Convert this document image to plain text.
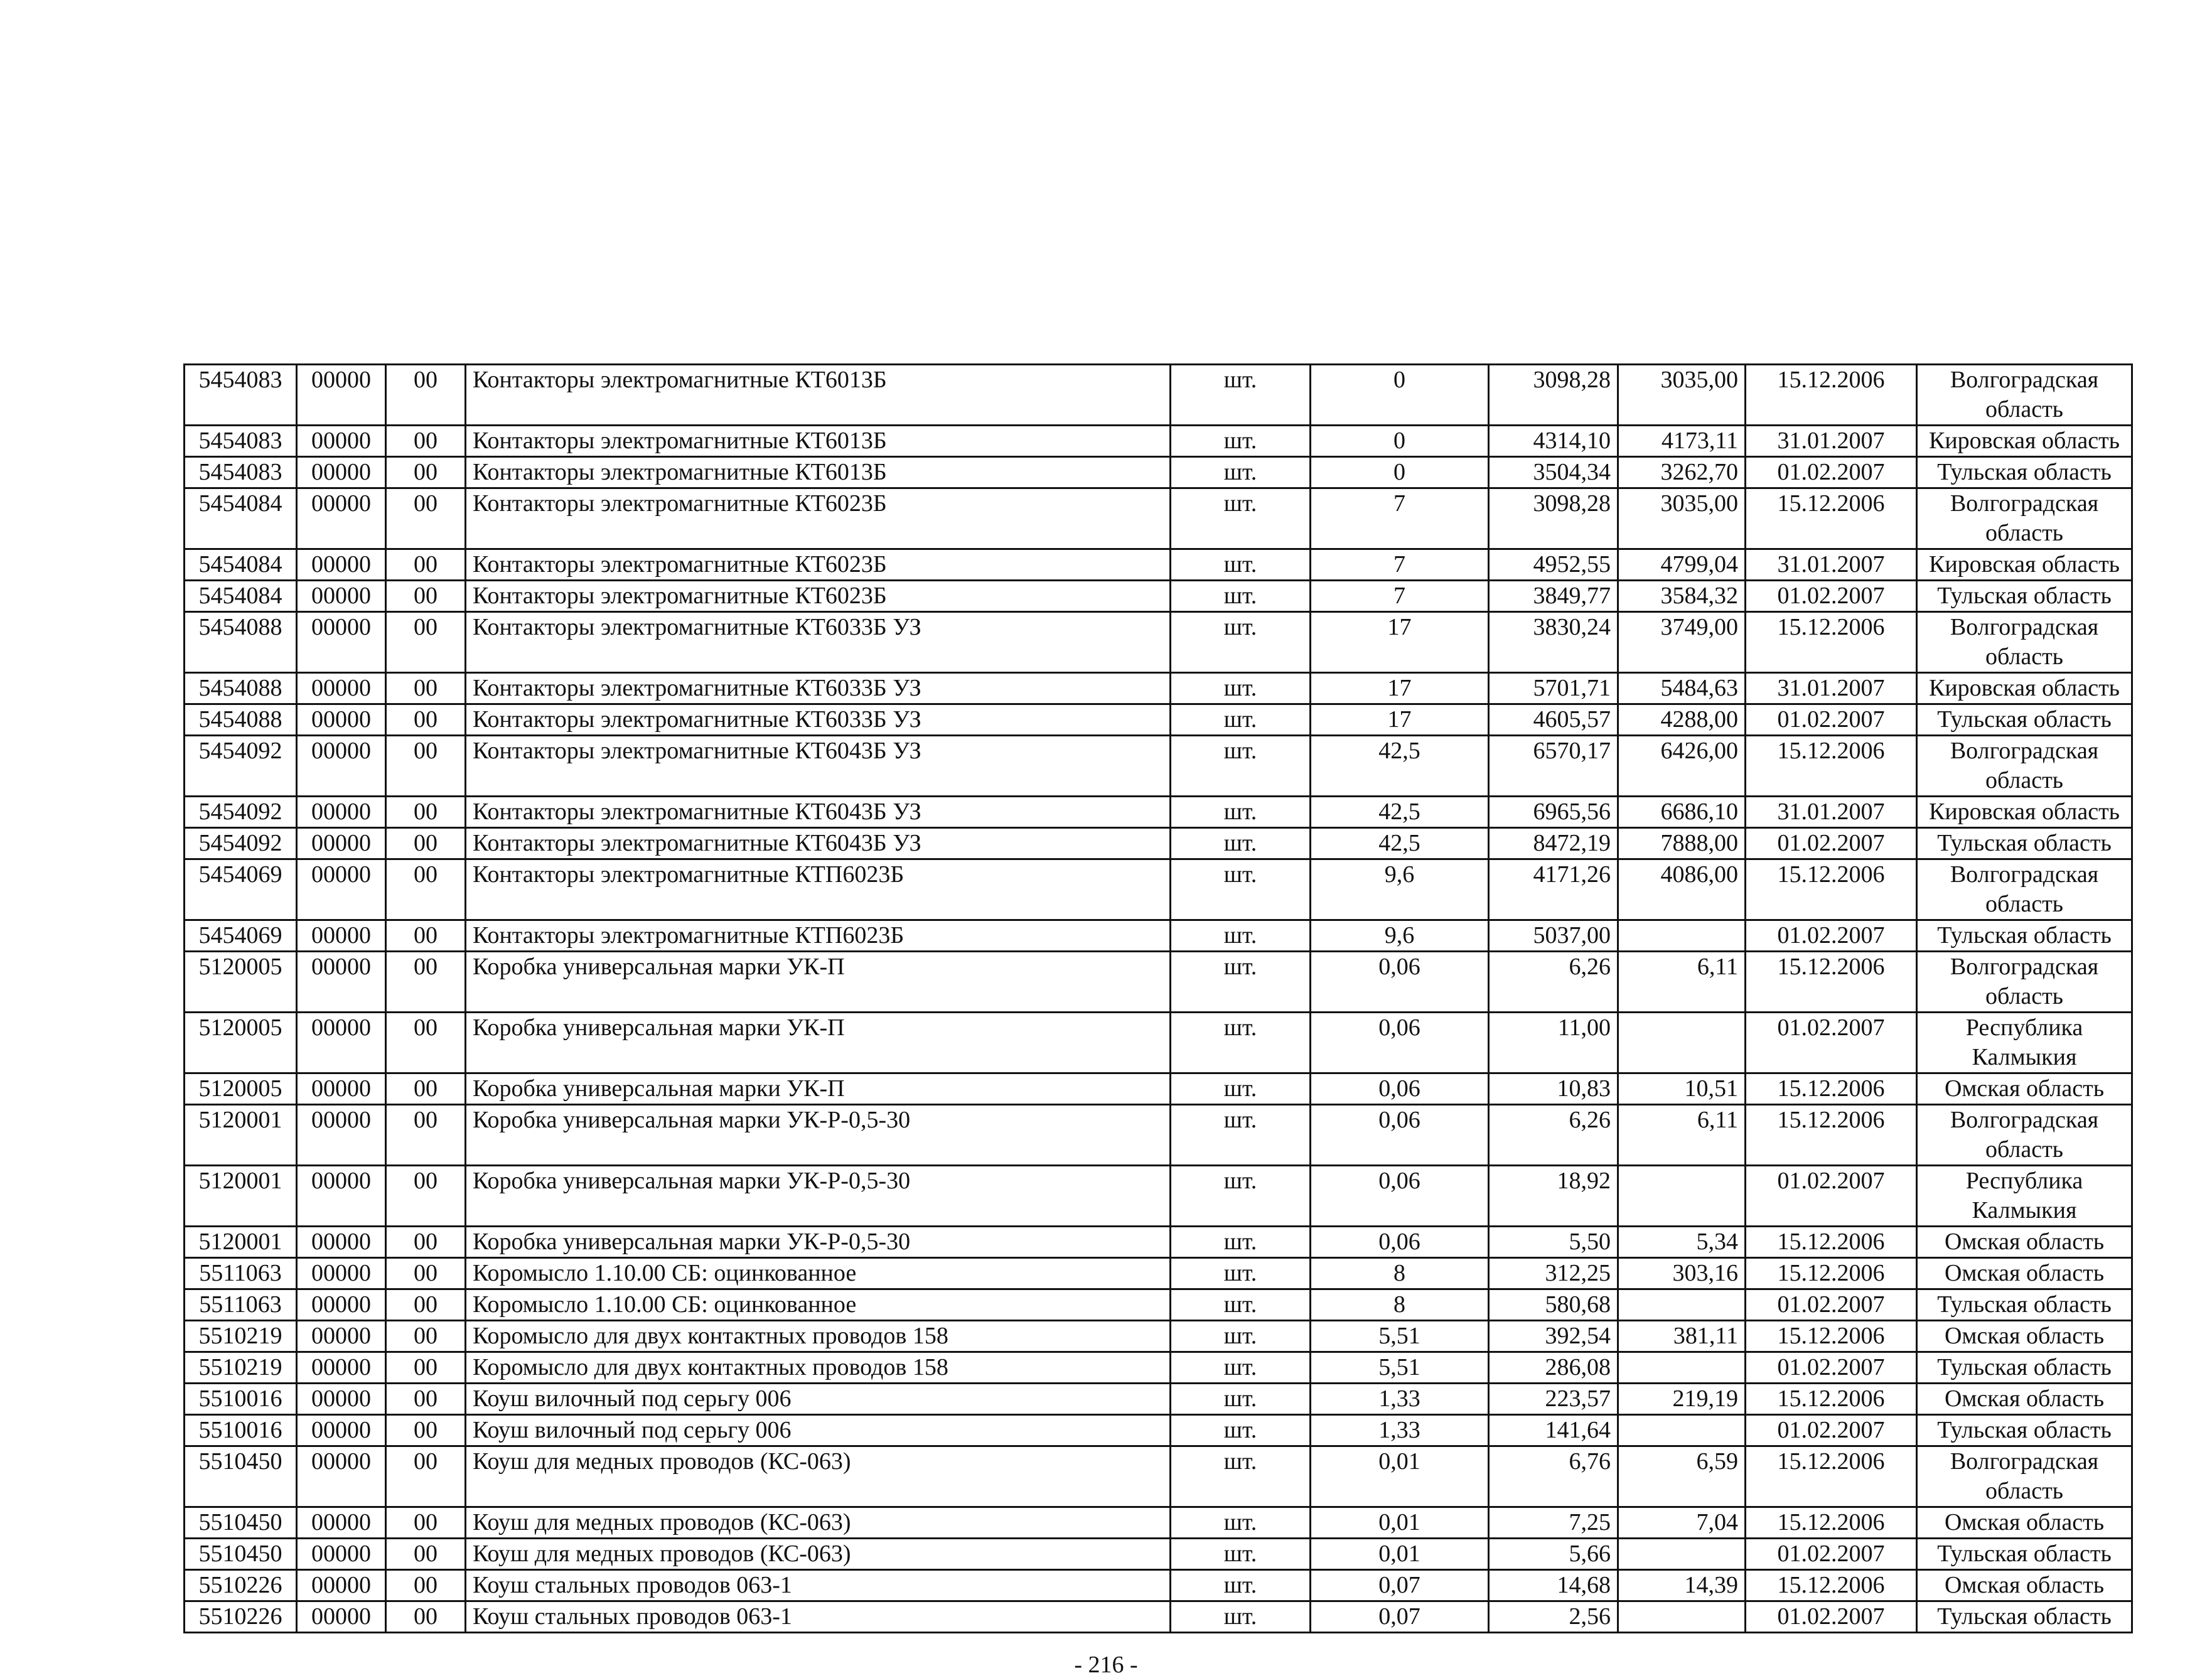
5454083	00000	00	Контакторы электромагнитные КТ6013Б	шт.	0	3098,28	3035,00	15.12.2006	Волгоградская область
5454083	00000	00	Контакторы электромагнитные КТ6013Б	шт.	0	4314,10	4173,11	31.01.2007	Кировская область
5454083	00000	00	Контакторы электромагнитные КТ6013Б	шт.	0	3504,34	3262,70	01.02.2007	Тульская область
5454084	00000	00	Контакторы электромагнитные КТ6023Б	шт.	7	3098,28	3035,00	15.12.2006	Волгоградская область
5454084	00000	00	Контакторы электромагнитные КТ6023Б	шт.	7	4952,55	4799,04	31.01.2007	Кировская область
5454084	00000	00	Контакторы электромагнитные КТ6023Б	шт.	7	3849,77	3584,32	01.02.2007	Тульская область
5454088	00000	00	Контакторы электромагнитные КТ6033Б УЗ	шт.	17	3830,24	3749,00	15.12.2006	Волгоградская область
5454088	00000	00	Контакторы электромагнитные КТ6033Б УЗ	шт.	17	5701,71	5484,63	31.01.2007	Кировская область
5454088	00000	00	Контакторы электромагнитные КТ6033Б УЗ	шт.	17	4605,57	4288,00	01.02.2007	Тульская область
5454092	00000	00	Контакторы электромагнитные КТ6043Б УЗ	шт.	42,5	6570,17	6426,00	15.12.2006	Волгоградская область
5454092	00000	00	Контакторы электромагнитные КТ6043Б УЗ	шт.	42,5	6965,56	6686,10	31.01.2007	Кировская область
5454092	00000	00	Контакторы электромагнитные КТ6043Б УЗ	шт.	42,5	8472,19	7888,00	01.02.2007	Тульская область
5454069	00000	00	Контакторы электромагнитные КТП6023Б	шт.	9,6	4171,26	4086,00	15.12.2006	Волгоградская область
5454069	00000	00	Контакторы электромагнитные КТП6023Б	шт.	9,6	5037,00		01.02.2007	Тульская область
5120005	00000	00	Коробка универсальная марки УК-П	шт.	0,06	6,26	6,11	15.12.2006	Волгоградская область
5120005	00000	00	Коробка универсальная марки УК-П	шт.	0,06	11,00		01.02.2007	Республика Калмыкия
5120005	00000	00	Коробка универсальная марки УК-П	шт.	0,06	10,83	10,51	15.12.2006	Омская область
5120001	00000	00	Коробка универсальная марки УК-Р-0,5-30	шт.	0,06	6,26	6,11	15.12.2006	Волгоградская область
5120001	00000	00	Коробка универсальная марки УК-Р-0,5-30	шт.	0,06	18,92		01.02.2007	Республика Калмыкия
5120001	00000	00	Коробка универсальная марки УК-Р-0,5-30	шт.	0,06	5,50	5,34	15.12.2006	Омская область
5511063	00000	00	Коромысло 1.10.00 СБ: оцинкованное	шт.	8	312,25	303,16	15.12.2006	Омская область
5511063	00000	00	Коромысло 1.10.00 СБ: оцинкованное	шт.	8	580,68		01.02.2007	Тульская область
5510219	00000	00	Коромысло для двух контактных проводов 158	шт.	5,51	392,54	381,11	15.12.2006	Омская область
5510219	00000	00	Коромысло для двух контактных проводов 158	шт.	5,51	286,08		01.02.2007	Тульская область
5510016	00000	00	Коуш вилочный под серьгу 006	шт.	1,33	223,57	219,19	15.12.2006	Омская область
5510016	00000	00	Коуш вилочный под серьгу 006	шт.	1,33	141,64		01.02.2007	Тульская область
5510450	00000	00	Коуш для медных проводов (КС-063)	шт.	0,01	6,76	6,59	15.12.2006	Волгоградская область
5510450	00000	00	Коуш для медных проводов (КС-063)	шт.	0,01	7,25	7,04	15.12.2006	Омская область
5510450	00000	00	Коуш для медных проводов (КС-063)	шт.	0,01	5,66		01.02.2007	Тульская область
5510226	00000	00	Коуш стальных проводов 063-1	шт.	0,07	14,68	14,39	15.12.2006	Омская область
5510226	00000	00	Коуш стальных проводов 063-1	шт.	0,07	2,56		01.02.2007	Тульская область
- 216 -
